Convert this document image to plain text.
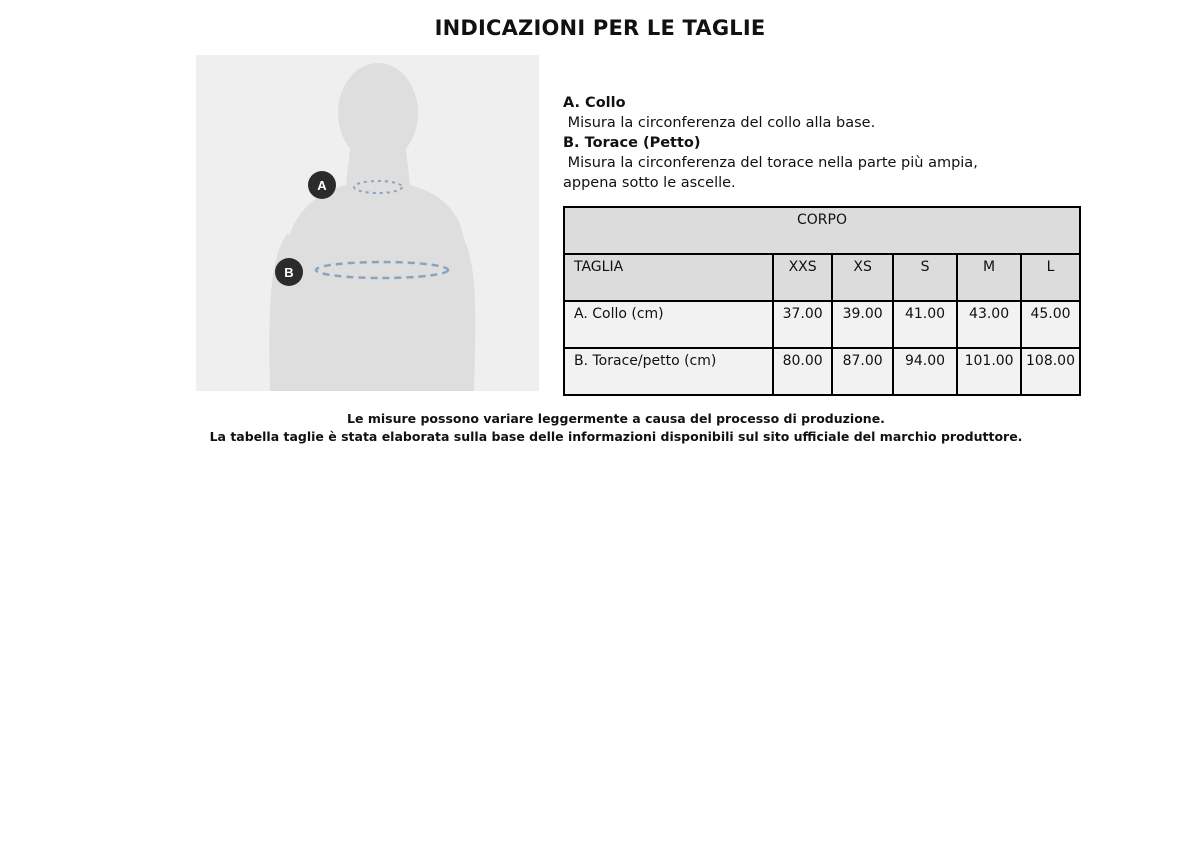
INDICAZIONI PER LE TAGLIE
A
B
A. Collo
Misura la circonferenza del collo alla base.
B. Torace (Petto)
Misura la circonferenza del torace nella parte più ampia,
appena sotto le ascelle.
CORPO					
TAGLIA	XXS	XS	S	M	L
A. Collo (cm)	37.00	39.00	41.00	43.00	45.00
B. Torace/petto (cm)	80.00	87.00	94.00	101.00	108.00
Le misure possono variare leggermente a causa del processo di produzione.
La tabella taglie è stata elaborata sulla base delle informazioni disponibili sul sito ufficiale del marchio produttore.
